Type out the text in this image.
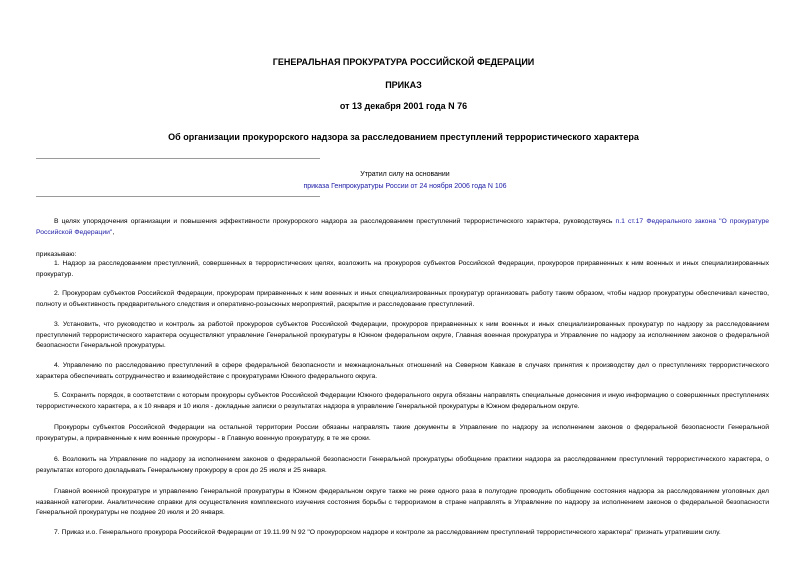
ГЕНЕРАЛЬНАЯ ПРОКУРАТУРА РОССИЙСКОЙ ФЕДЕРАЦИИ
ПРИКАЗ
от 13 декабря 2001 года N 76
Об организации прокурорского надзора за расследованием преступлений террористического характера
Утратил силу на основании
приказа Генпрокуратуры России от 24 ноября 2006 года N 106
В целях упорядочения организации и повышения эффективности прокурорского надзора за расследованием преступлений террористического характера, руководствуясь п.1 ст.17 Федерального закона "О прокуратуре Российской Федерации",
приказываю:
1. Надзор за расследованием преступлений, совершенных в террористических целях, возложить на прокуроров субъектов Российской Федерации, прокуроров приравненных к ним военных и иных специализированных прокуратур.
2. Прокурорам субъектов Российской Федерации, прокурорам приравненных к ним военных и иных специализированных прокуратур организовать работу таким образом, чтобы надзор прокуратуры обеспечивал качество, полноту и объективность предварительного следствия и оперативно-розыскных мероприятий, раскрытие и расследование преступлений.
3. Установить, что руководство и контроль за работой прокуроров субъектов Российской Федерации, прокуроров приравненных к ним военных и иных специализированных прокуратур по надзору за расследованием преступлений террористического характера осуществляют управление Генеральной прокуратуры в Южном федеральном округе, Главная военная прокуратура и Управление по надзору за исполнением законов о федеральной безопасности Генеральной прокуратуры.
4. Управлению по расследованию преступлений в сфере федеральной безопасности и межнациональных отношений на Северном Кавказе в случаях принятия к производству дел о преступлениях террористического характера обеспечивать сотрудничество и взаимодействие с прокуратурами Южного федерального округа.
5. Сохранить порядок, в соответствии с которым прокуроры субъектов Российской Федерации Южного федерального округа обязаны направлять специальные донесения и иную информацию о совершенных преступлениях террористического характера, а к 10 января и 10 июля - докладные записки о результатах надзора в управление Генеральной прокуратуры в Южном федеральном округе.
Прокуроры субъектов Российской Федерации на остальной территории России обязаны направлять такие документы в Управление по надзору за исполнением законов о федеральной безопасности Генеральной прокуратуры, а приравненные к ним военные прокуроры - в Главную военную прокуратуру, в те же сроки.
6. Возложить на Управление по надзору за исполнением законов о федеральной безопасности Генеральной прокуратуры обобщение практики надзора за расследованием преступлений террористического характера, о результатах которого докладывать Генеральному прокурору в срок до 25 июля и 25 января.
Главной военной прокуратуре и управлению Генеральной прокуратуры в Южном федеральном округе также не реже одного раза в полугодие проводить обобщение состояния надзора за расследованием уголовных дел названной категории. Аналитические справки для осуществления комплексного изучения состояния борьбы с терроризмом в стране направлять в Управление по надзору за исполнением законов о федеральной безопасности Генеральной прокуратуры не позднее 20 июля и 20 января.
7. Приказ и.о. Генерального прокурора Российской Федерации от 19.11.99 N 92 "О прокурорском надзоре и контроле за расследованием преступлений террористического характера" признать утратившим силу.
